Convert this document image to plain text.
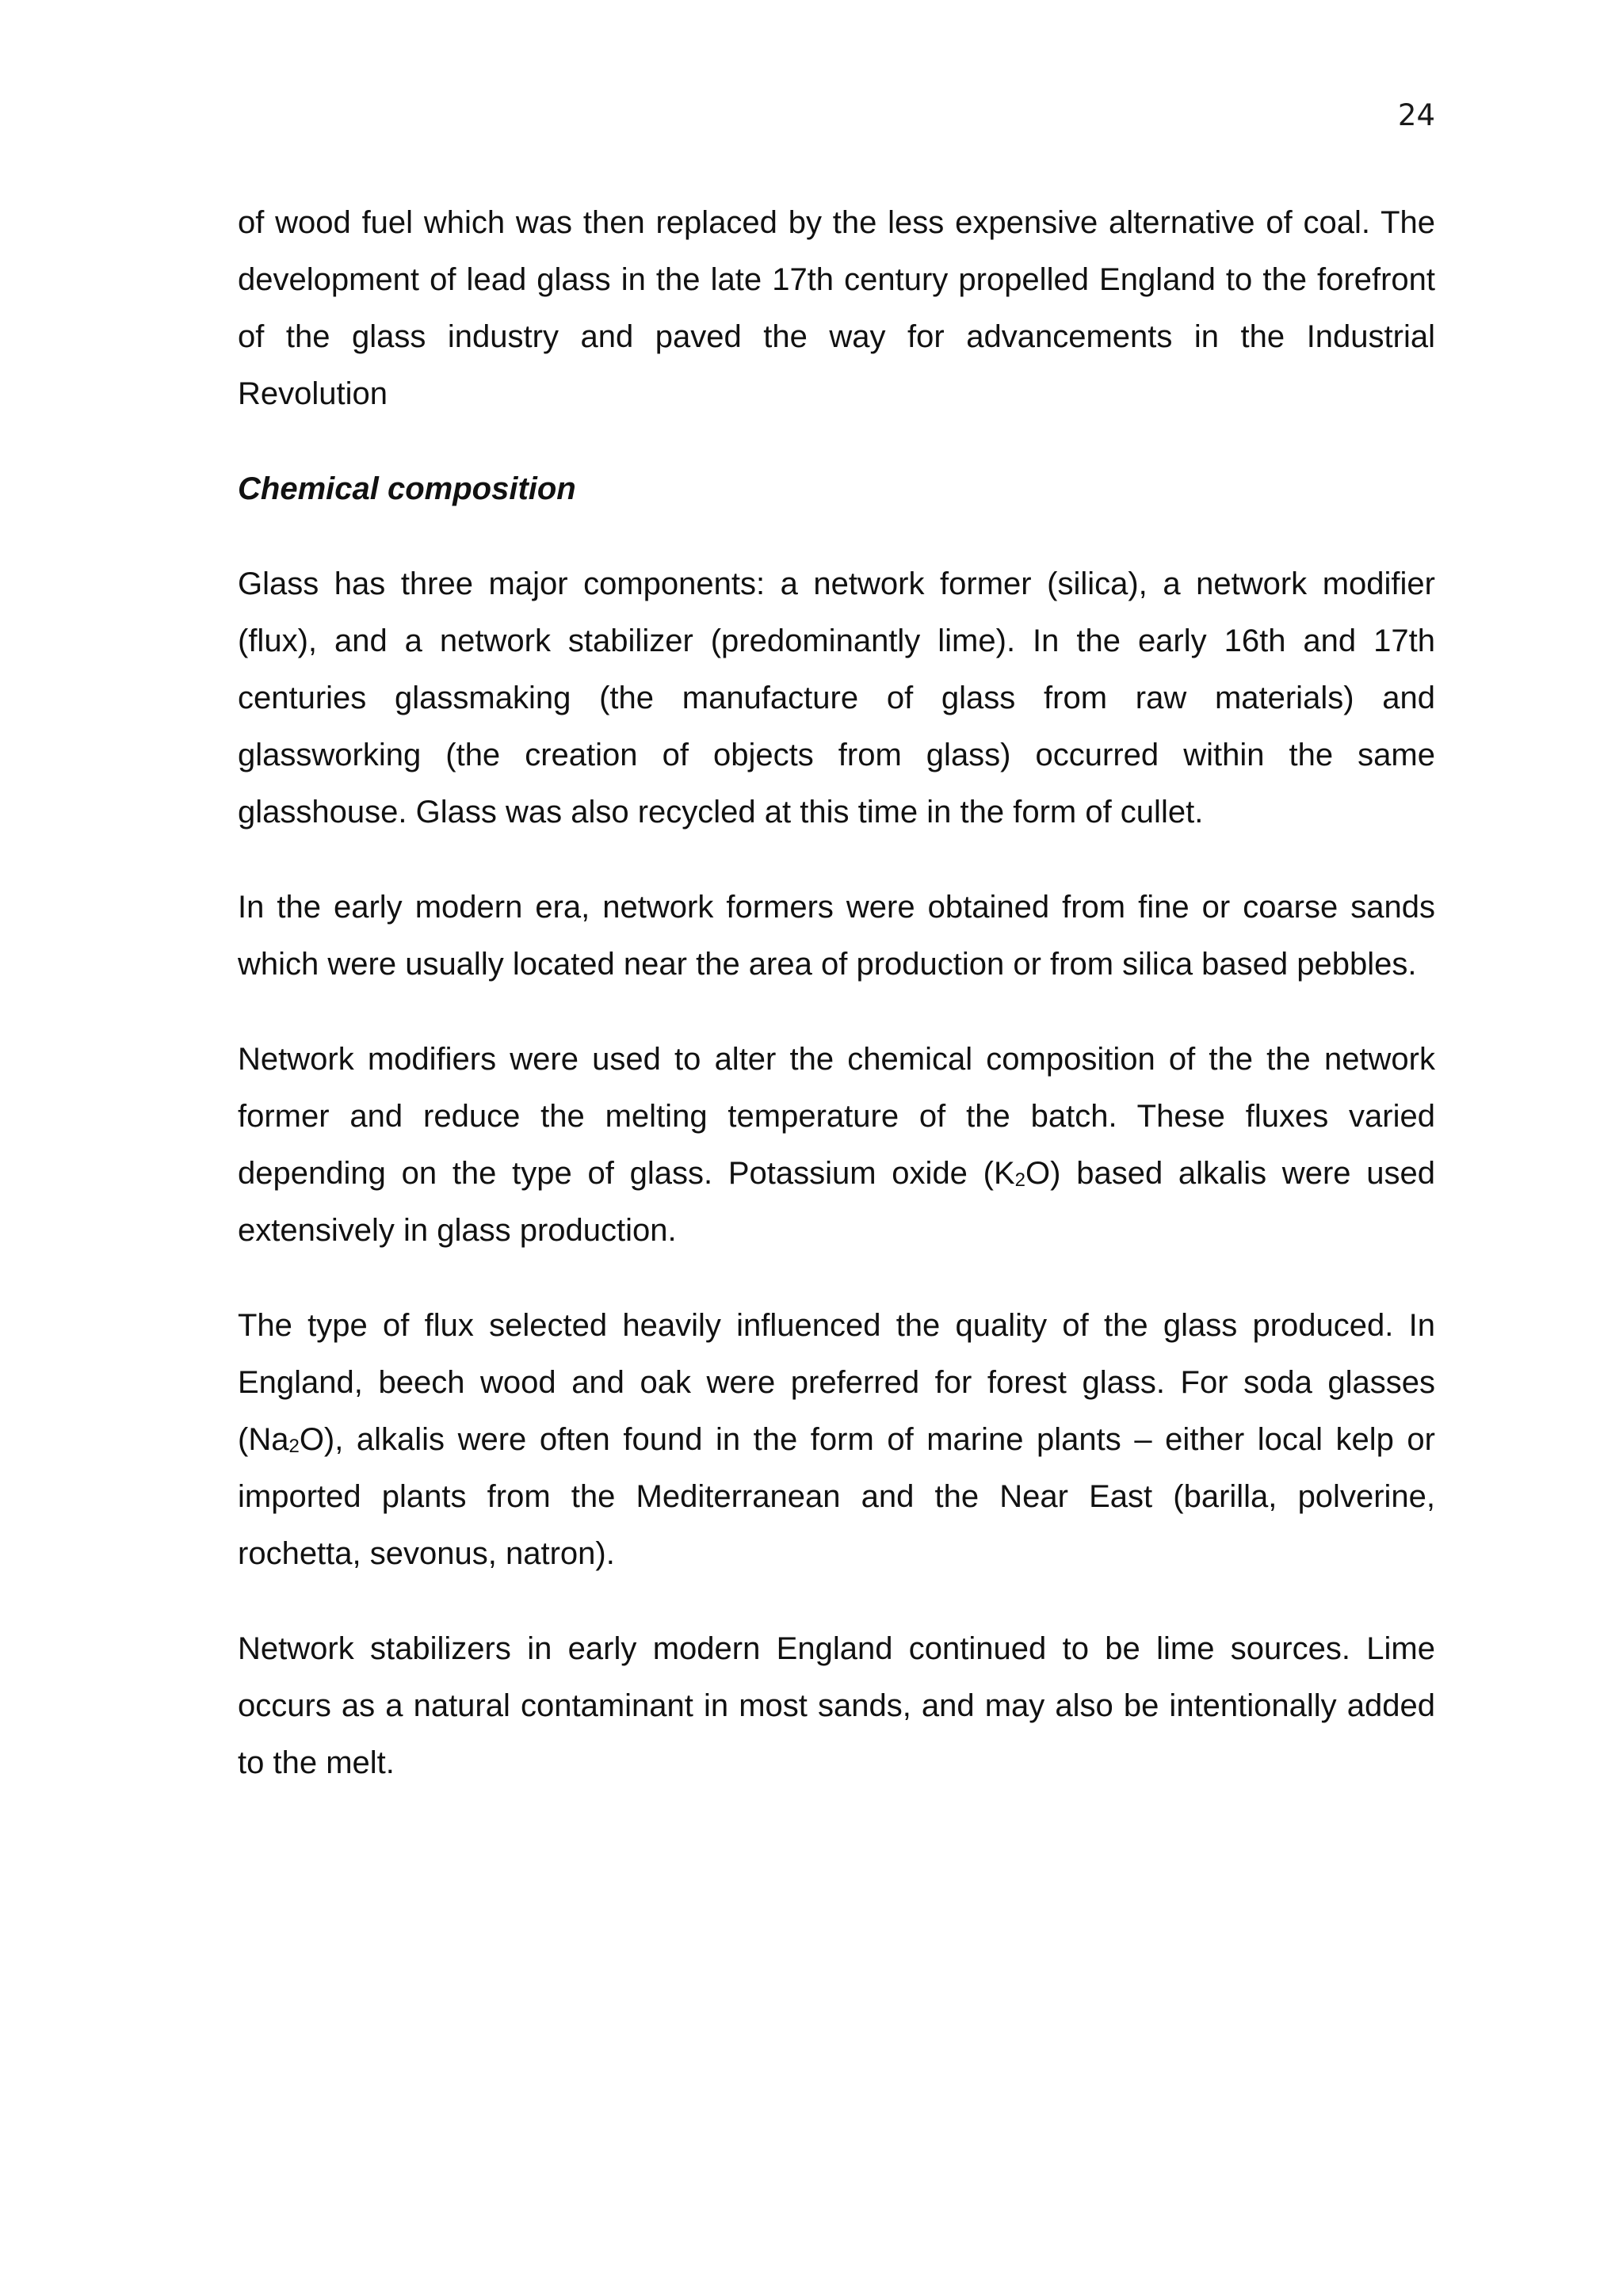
24

of wood fuel which was then replaced by the less expensive alternative of coal. The development of lead glass in the late 17th century propelled England to the forefront of the glass industry and paved the way for advancements in the Industrial Revolution

Chemical composition

Glass has three major components: a network former (silica), a network modifier (flux), and a network stabilizer (predominantly lime). In the early 16th and 17th centuries glassmaking (the manufacture of glass from raw materials) and glassworking (the creation of objects from glass) occurred within the same glasshouse. Glass was also recycled at this time in the form of cullet.

In the early modern era, network formers were obtained from fine or coarse sands which were usually located near the area of production or from silica based pebbles.

Network modifiers were used to alter the chemical composition of the the network former and reduce the melting temperature of the batch. These fluxes varied depending on the type of glass. Potassium oxide $(K_2O)$ based alkalis were used extensively in glass production.

The type of flux selected heavily influenced the quality of the glass produced. In England, beech wood and oak were preferred for forest glass. For soda glasses $(Na_2O)$, alkalis were often found in the form of marine plants – either local kelp or imported plants from the Mediterranean and the Near East (barilla, polverine, rochetta, sevonus, natron).

Network stabilizers in early modern England continued to be lime sources. Lime occurs as a natural contaminant in most sands, and may also be intentionally added to the melt.
